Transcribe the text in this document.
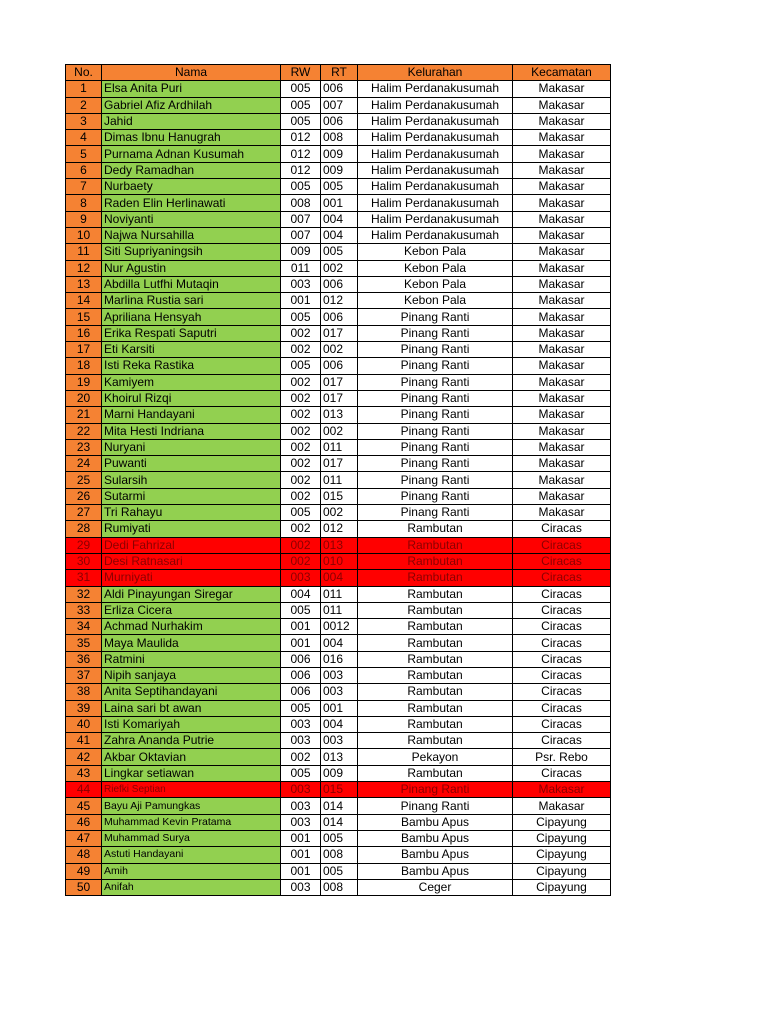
No.	Nama	RW	RT	Kelurahan	Kecamatan
1	Elsa Anita Puri	005	006	Halim Perdanakusumah	Makasar
2	Gabriel Afiz Ardhilah	005	007	Halim Perdanakusumah	Makasar
3	Jahid	005	006	Halim Perdanakusumah	Makasar
4	Dimas Ibnu Hanugrah	012	008	Halim Perdanakusumah	Makasar
5	Purnama Adnan Kusumah	012	009	Halim Perdanakusumah	Makasar
6	Dedy Ramadhan	012	009	Halim Perdanakusumah	Makasar
7	Nurbaety	005	005	Halim Perdanakusumah	Makasar
8	Raden Elin Herlinawati	008	001	Halim Perdanakusumah	Makasar
9	Noviyanti	007	004	Halim Perdanakusumah	Makasar
10	Najwa Nursahilla	007	004	Halim Perdanakusumah	Makasar
11	Siti Supriyaningsih	009	005	Kebon Pala	Makasar
12	Nur Agustin	011	002	Kebon Pala	Makasar
13	Abdilla Lutfhi Mutaqin	003	006	Kebon Pala	Makasar
14	Marlina Rustia sari	001	012	Kebon Pala	Makasar
15	Apriliana Hensyah	005	006	Pinang Ranti	Makasar
16	Erika Respati Saputri	002	017	Pinang Ranti	Makasar
17	Eti Karsiti	002	002	Pinang Ranti	Makasar
18	Isti Reka Rastika	005	006	Pinang Ranti	Makasar
19	Kamiyem	002	017	Pinang Ranti	Makasar
20	Khoirul Rizqi	002	017	Pinang Ranti	Makasar
21	Marni Handayani	002	013	Pinang Ranti	Makasar
22	Mita Hesti Indriana	002	002	Pinang Ranti	Makasar
23	Nuryani	002	011	Pinang Ranti	Makasar
24	Puwanti	002	017	Pinang Ranti	Makasar
25	Sularsih	002	011	Pinang Ranti	Makasar
26	Sutarmi	002	015	Pinang Ranti	Makasar
27	Tri Rahayu	005	002	Pinang Ranti	Makasar
28	Rumiyati	002	012	Rambutan	Ciracas
29	Dedi Fahrizal	002	013	Rambutan	Ciracas
30	Desi Ratnasari	002	010	Rambutan	Ciracas
31	Murniyati	003	004	Rambutan	Ciracas
32	Aldi Pinayungan Siregar	004	011	Rambutan	Ciracas
33	Erliza Cicera	005	011	Rambutan	Ciracas
34	Achmad Nurhakim	001	0012	Rambutan	Ciracas
35	Maya Maulida	001	004	Rambutan	Ciracas
36	Ratmini	006	016	Rambutan	Ciracas
37	Nipih sanjaya	006	003	Rambutan	Ciracas
38	Anita Septihandayani	006	003	Rambutan	Ciracas
39	Laina sari bt awan	005	001	Rambutan	Ciracas
40	Isti Komariyah	003	004	Rambutan	Ciracas
41	Zahra Ananda Putrie	003	003	Rambutan	Ciracas
42	Akbar Oktavian	002	013	Pekayon	Psr. Rebo
43	Lingkar setiawan	005	009	Rambutan	Ciracas
44	Riefki Septian	003	015	Pinang Ranti	Makasar
45	Bayu Aji Pamungkas	003	014	Pinang Ranti	Makasar
46	Muhammad Kevin Pratama	003	014	Bambu Apus	Cipayung
47	Muhammad Surya	001	005	Bambu Apus	Cipayung
48	Astuti Handayani	001	008	Bambu Apus	Cipayung
49	Amih	001	005	Bambu Apus	Cipayung
50	Anifah	003	008	Ceger	Cipayung
